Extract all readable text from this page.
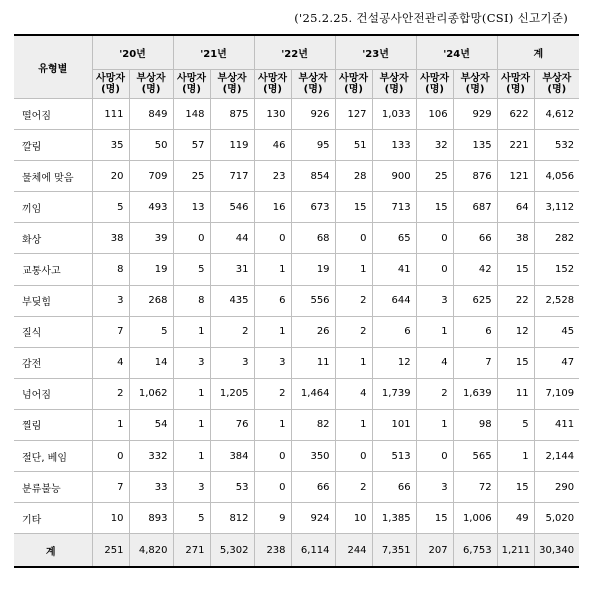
('25.2.25. 건설공사안전관리종합망(CSI) 신고기준)
유형별	'20년		'21년		'22년		'23년		'24년		계	
	사망자 (명)	부상자 (명)	사망자 (명)	부상자 (명)	사망자 (명)	부상자 (명)	사망자 (명)	부상자 (명)	사망자 (명)	부상자 (명)	사망자 (명)	부상자 (명)
떨어짐	111	849	148	875	130	926	127	1,033	106	929	622	4,612
깔림	35	50	57	119	46	95	51	133	32	135	221	532
물체에 맞음	20	709	25	717	23	854	28	900	25	876	121	4,056
끼임	5	493	13	546	16	673	15	713	15	687	64	3,112
화상	38	39	0	44	0	68	0	65	0	66	38	282
교통사고	8	19	5	31	1	19	1	41	0	42	15	152
부딪힘	3	268	8	435	6	556	2	644	3	625	22	2,528
질식	7	5	1	2	1	26	2	6	1	6	12	45
감전	4	14	3	3	3	11	1	12	4	7	15	47
넘어짐	2	1,062	1	1,205	2	1,464	4	1,739	2	1,639	11	7,109
찔림	1	54	1	76	1	82	1	101	1	98	5	411
절단, 베임	0	332	1	384	0	350	0	513	0	565	1	2,144
분류불능	7	33	3	53	0	66	2	66	3	72	15	290
기타	10	893	5	812	9	924	10	1,385	15	1,006	49	5,020
계	251	4,820	271	5,302	238	6,114	244	7,351	207	6,753	1,211	30,340
